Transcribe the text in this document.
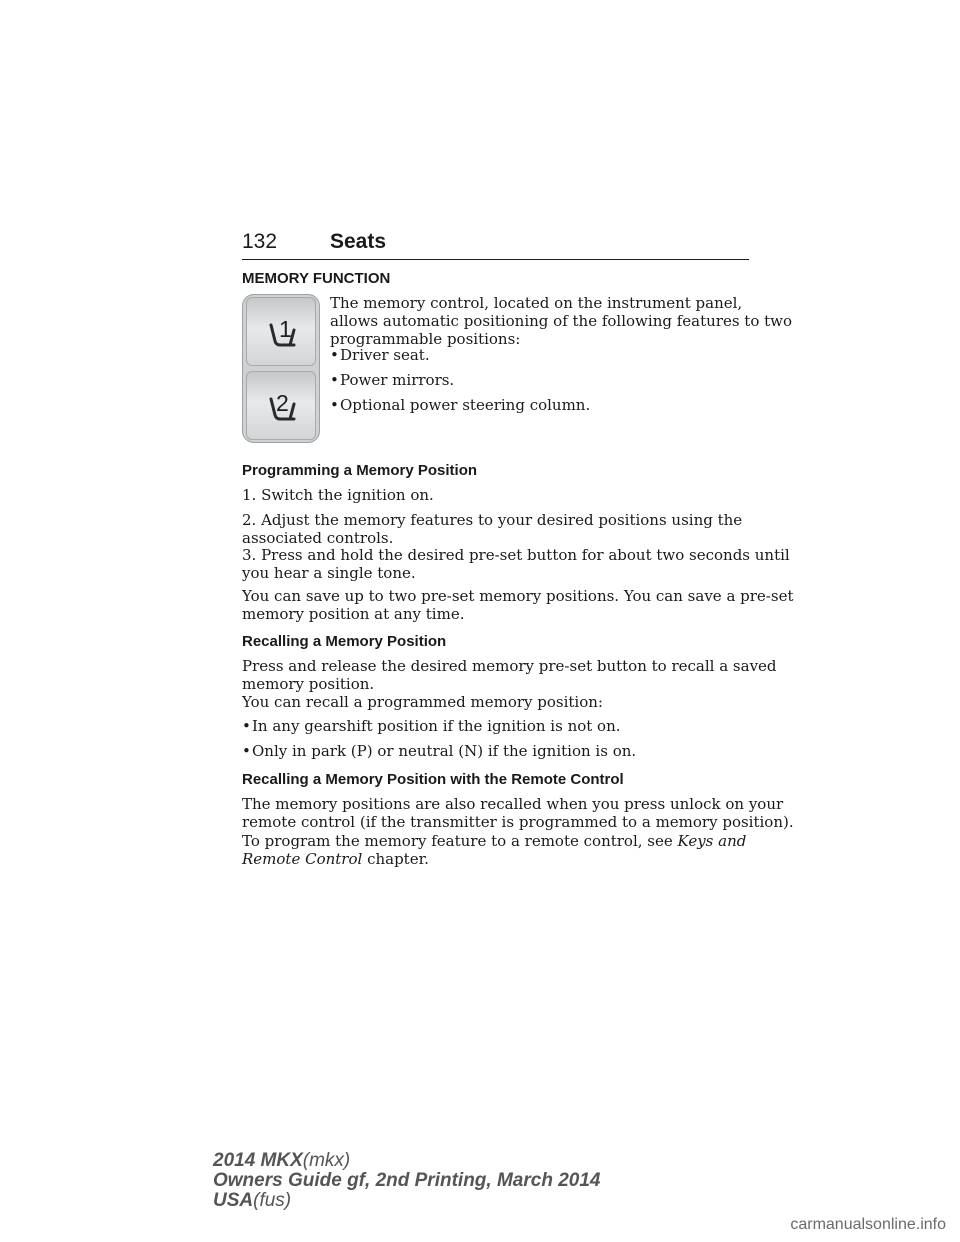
132	Seats
MEMORY FUNCTION
1
2
The memory control, located on the instrument panel,
allows automatic positioning of the following features to two
programmable positions:
• Driver seat.
• Power mirrors.
• Optional power steering column.
Programming a Memory Position
1. Switch the ignition on.
2. Adjust the memory features to your desired positions using the
associated controls.
3. Press and hold the desired pre-set button for about two seconds until
you hear a single tone.
You can save up to two pre-set memory positions. You can save a pre-set
memory position at any time.
Recalling a Memory Position
Press and release the desired memory pre-set button to recall a saved
memory position.
You can recall a programmed memory position:
• In any gearshift position if the ignition is not on.
• Only in park (P) or neutral (N) if the ignition is on.
Recalling a Memory Position with the Remote Control
The memory positions are also recalled when you press unlock on your
remote control (if the transmitter is programmed to a memory position).
To program the memory feature to a remote control, see Keys and
Remote Control chapter.
2014 MKX(mkx)
Owners Guide gf, 2nd Printing, March 2014
USA(fus)
carmanualsonline.info
